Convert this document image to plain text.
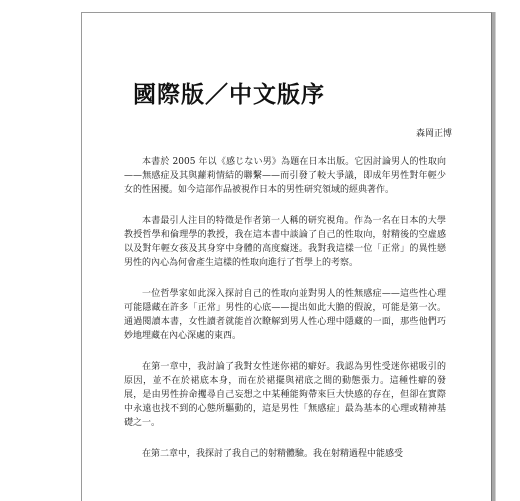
國際版／中文版序
森岡正博

本書於 2005 年以《感じない男》為題在日本出版。它因討論男人的性取向——無感症及其與蘿莉情結的聯繫——而引發了較大爭議，即成年男性對年輕少女的性困擾。如今這部作品被視作日本的男性研究領域的經典著作。

本書最引人注目的特徵是作者第一人稱的研究視角。作為一名在日本的大學教授哲學和倫理學的教授，我在這本書中談論了自己的性取向，射精後的空虛感以及對年輕女孩及其身穿中身體的高度癡迷。我對我這樣一位「正常」的異性戀男性的內心為何會產生這樣的性取向進行了哲學上的考察。

一位哲學家如此深入探討自己的性取向並對男人的性無感症——這些性心理可能隱藏在許多「正常」男性的心底——提出如此大膽的假說，可能是第一次。通過閱讀本書，女性讀者就能首次瞭解到男人性心理中隱藏的一面，那些他們巧妙地埋藏在內心深處的東西。

在第一章中，我討論了我對女性迷你裙的癖好。我認為男性受迷你裙吸引的原因，並不在於裙底本身，而在於裙擺與裙底之間的動態張力。這種性癖的發展，是由男性拚命攫尋自己妄想之中某種能夠帶來巨大快感的存在，但卻在實際中永遠也找不到的心態所驅動的，這是男性「無感症」最為基本的心理或精神基礎之一。

在第二章中，我探討了我自己的射精體驗。我在射精過程中能感受
